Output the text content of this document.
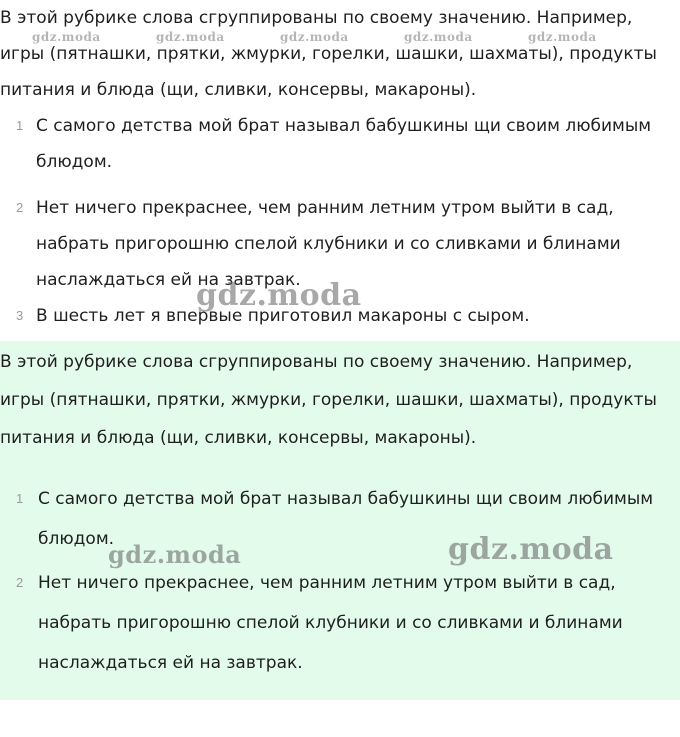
В этой рубрике слова сгруппированы по своему значению. Например, игры (пятнашки, прятки, жмурки, горелки, шашки, шахматы), продукты питания и блюда (щи, сливки, консервы, макароны).

1 С самого детства мой брат называл бабушкины щи своим любимым блюдом.
2 Нет ничего прекраснее, чем ранним летним утром выйти в сад, набрать пригорошню спелой клубники и со сливками и блинами наслаждаться ей на завтрак.
3 В шесть лет я впервые приготовил макароны с сыром.

В этой рубрике слова сгруппированы по своему значению. Например, игры (пятнашки, прятки, жмурки, горелки, шашки, шахматы), продукты питания и блюда (щи, сливки, консервы, макароны).

1 С самого детства мой брат называл бабушкины щи своим любимым блюдом.
2 Нет ничего прекраснее, чем ранним летним утром выйти в сад, набрать пригорошню спелой клубники и со сливками и блинами наслаждаться ей на завтрак.
gdz.moda	gdz.moda	gdz.moda	gdz.moda	gdz.moda
gdz.moda
gdz.moda	gdz.moda
